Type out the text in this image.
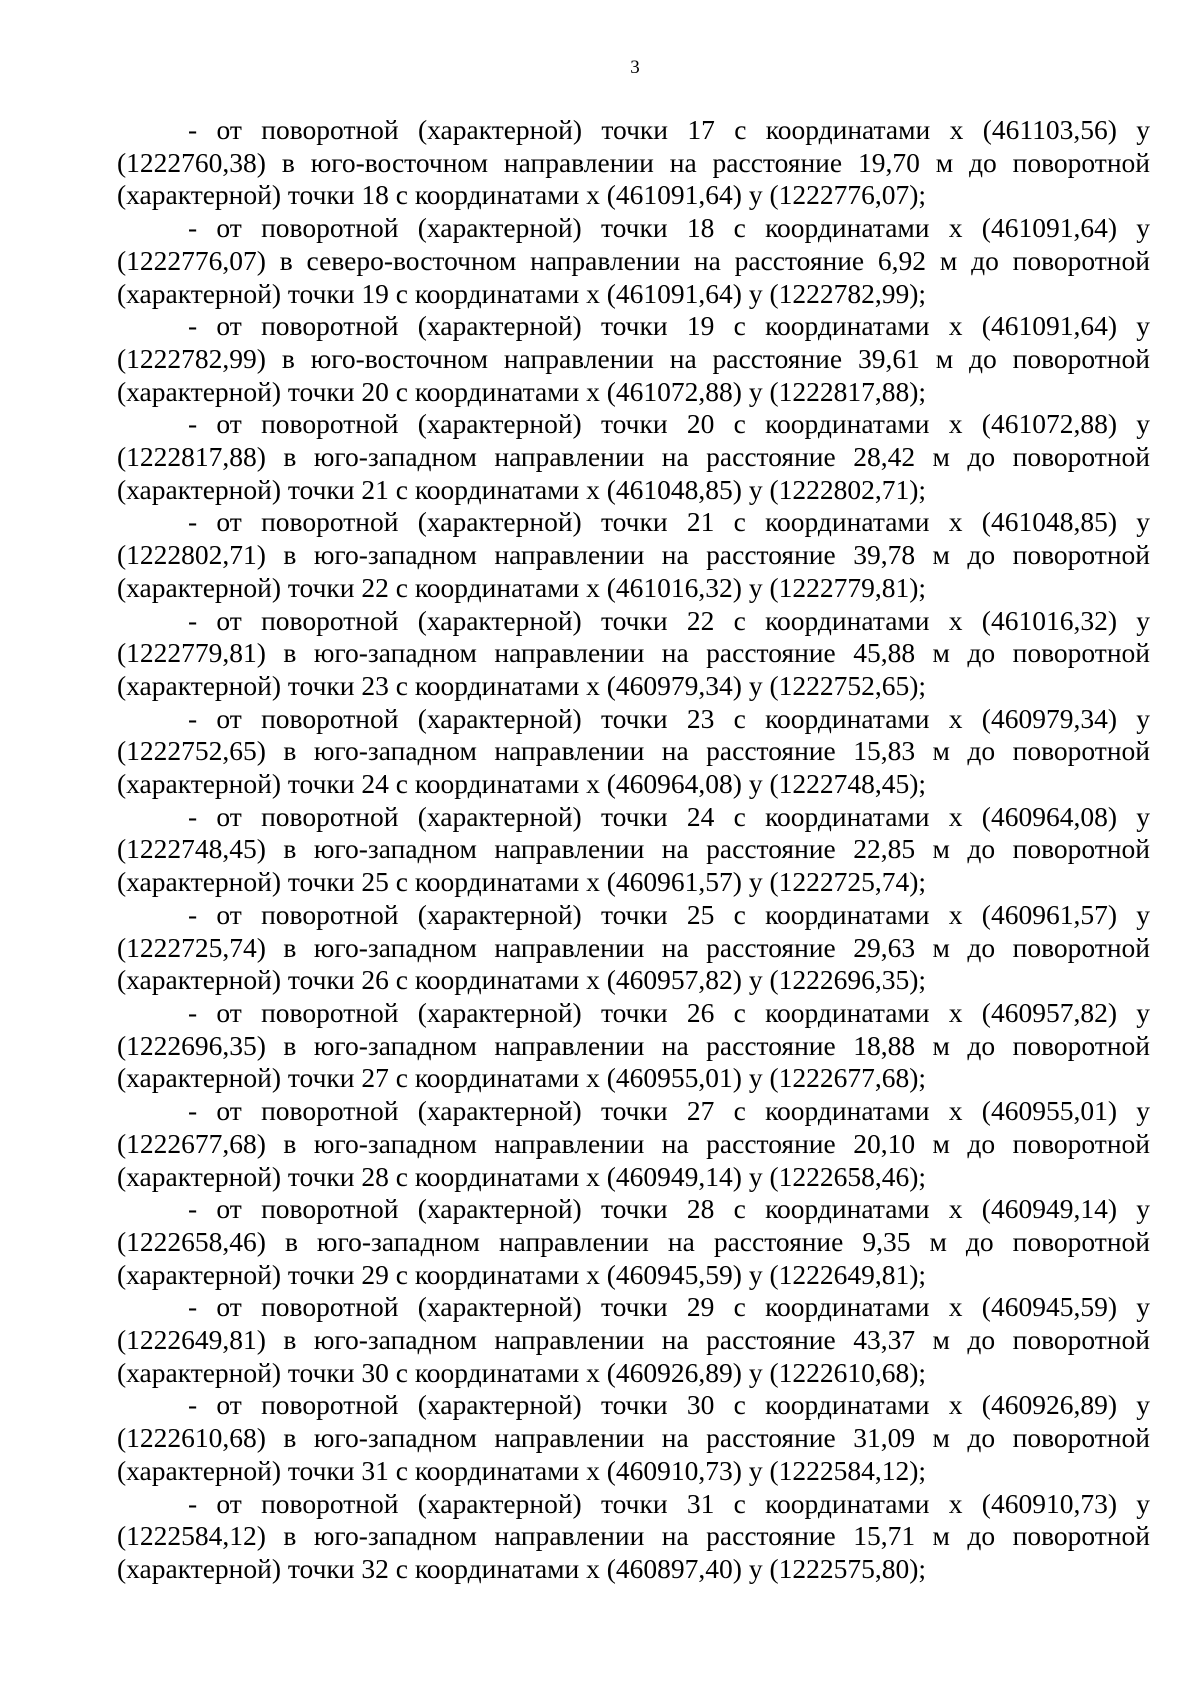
3

- от поворотной (характерной) точки 17 с координатами x (461103,56) y (1222760,38) в юго-восточном направлении на расстояние 19,70 м до поворотной (характерной) точки 18 с координатами x (461091,64) y (1222776,07);

- от поворотной (характерной) точки 18 с координатами x (461091,64) y (1222776,07) в северо-восточном направлении на расстояние 6,92 м до поворотной (характерной) точки 19 с координатами x (461091,64) y (1222782,99);

- от поворотной (характерной) точки 19 с координатами x (461091,64) y (1222782,99) в юго-восточном направлении на расстояние 39,61 м до поворотной (характерной) точки 20 с координатами x (461072,88) y (1222817,88);

- от поворотной (характерной) точки 20 с координатами x (461072,88) y (1222817,88) в юго-западном направлении на расстояние 28,42 м до поворотной (характерной) точки 21 с координатами x (461048,85) y (1222802,71);

- от поворотной (характерной) точки 21 с координатами x (461048,85) y (1222802,71) в юго-западном направлении на расстояние 39,78 м до поворотной (характерной) точки 22 с координатами x (461016,32) y (1222779,81);

- от поворотной (характерной) точки 22 с координатами x (461016,32) y (1222779,81) в юго-западном направлении на расстояние 45,88 м до поворотной (характерной) точки 23 с координатами x (460979,34) y (1222752,65);

- от поворотной (характерной) точки 23 с координатами x (460979,34) y (1222752,65) в юго-западном направлении на расстояние 15,83 м до поворотной (характерной) точки 24 с координатами x (460964,08) y (1222748,45);

- от поворотной (характерной) точки 24 с координатами x (460964,08) y (1222748,45) в юго-западном направлении на расстояние 22,85 м до поворотной (характерной) точки 25 с координатами x (460961,57) y (1222725,74);

- от поворотной (характерной) точки 25 с координатами x (460961,57) y (1222725,74) в юго-западном направлении на расстояние 29,63 м до поворотной (характерной) точки 26 с координатами x (460957,82) y (1222696,35);

- от поворотной (характерной) точки 26 с координатами x (460957,82) y (1222696,35) в юго-западном направлении на расстояние 18,88 м до поворотной (характерной) точки 27 с координатами x (460955,01) y (1222677,68);

- от поворотной (характерной) точки 27 с координатами x (460955,01) y (1222677,68) в юго-западном направлении на расстояние 20,10 м до поворотной (характерной) точки 28 с координатами x (460949,14) y (1222658,46);

- от поворотной (характерной) точки 28 с координатами x (460949,14) y (1222658,46) в юго-западном направлении на расстояние 9,35 м до поворотной (характерной) точки 29 с координатами x (460945,59) y (1222649,81);

- от поворотной (характерной) точки 29 с координатами x (460945,59) y (1222649,81) в юго-западном направлении на расстояние 43,37 м до поворотной (характерной) точки 30 с координатами x (460926,89) y (1222610,68);

- от поворотной (характерной) точки 30 с координатами x (460926,89) y (1222610,68) в юго-западном направлении на расстояние 31,09 м до поворотной (характерной) точки 31 с координатами x (460910,73) y (1222584,12);

- от поворотной (характерной) точки 31 с координатами x (460910,73) y (1222584,12) в юго-западном направлении на расстояние 15,71 м до поворотной (характерной) точки 32 с координатами x (460897,40) y (1222575,80);
